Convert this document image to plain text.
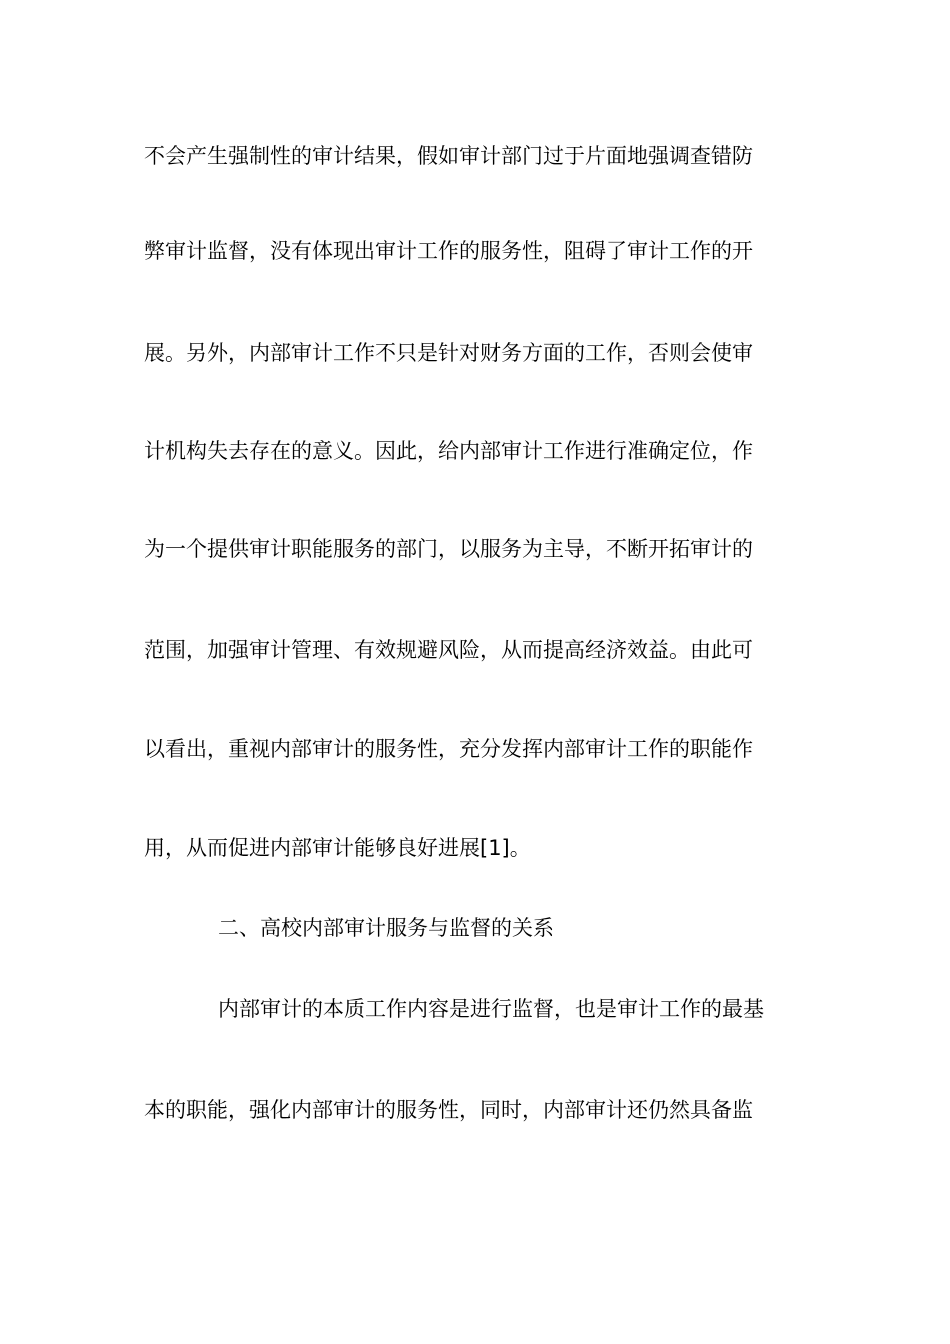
不会产生强制性的审计结果，假如审计部门过于片面地强调查错防
弊审计监督，没有体现出审计工作的服务性，阻碍了审计工作的开
展。另外，内部审计工作不只是针对财务方面的工作，否则会使审
计机构失去存在的意义。因此，给内部审计工作进行准确定位，作
为一个提供审计职能服务的部门，以服务为主导，不断开拓审计的
范围，加强审计管理、有效规避风险，从而提高经济效益。由此可
以看出，重视内部审计的服务性，充分发挥内部审计工作的职能作
用，从而促进内部审计能够良好进展[1]。
二、高校内部审计服务与监督的关系
内部审计的本质工作内容是进行监督，也是审计工作的最基
本的职能，强化内部审计的服务性，同时，内部审计还仍然具备监
